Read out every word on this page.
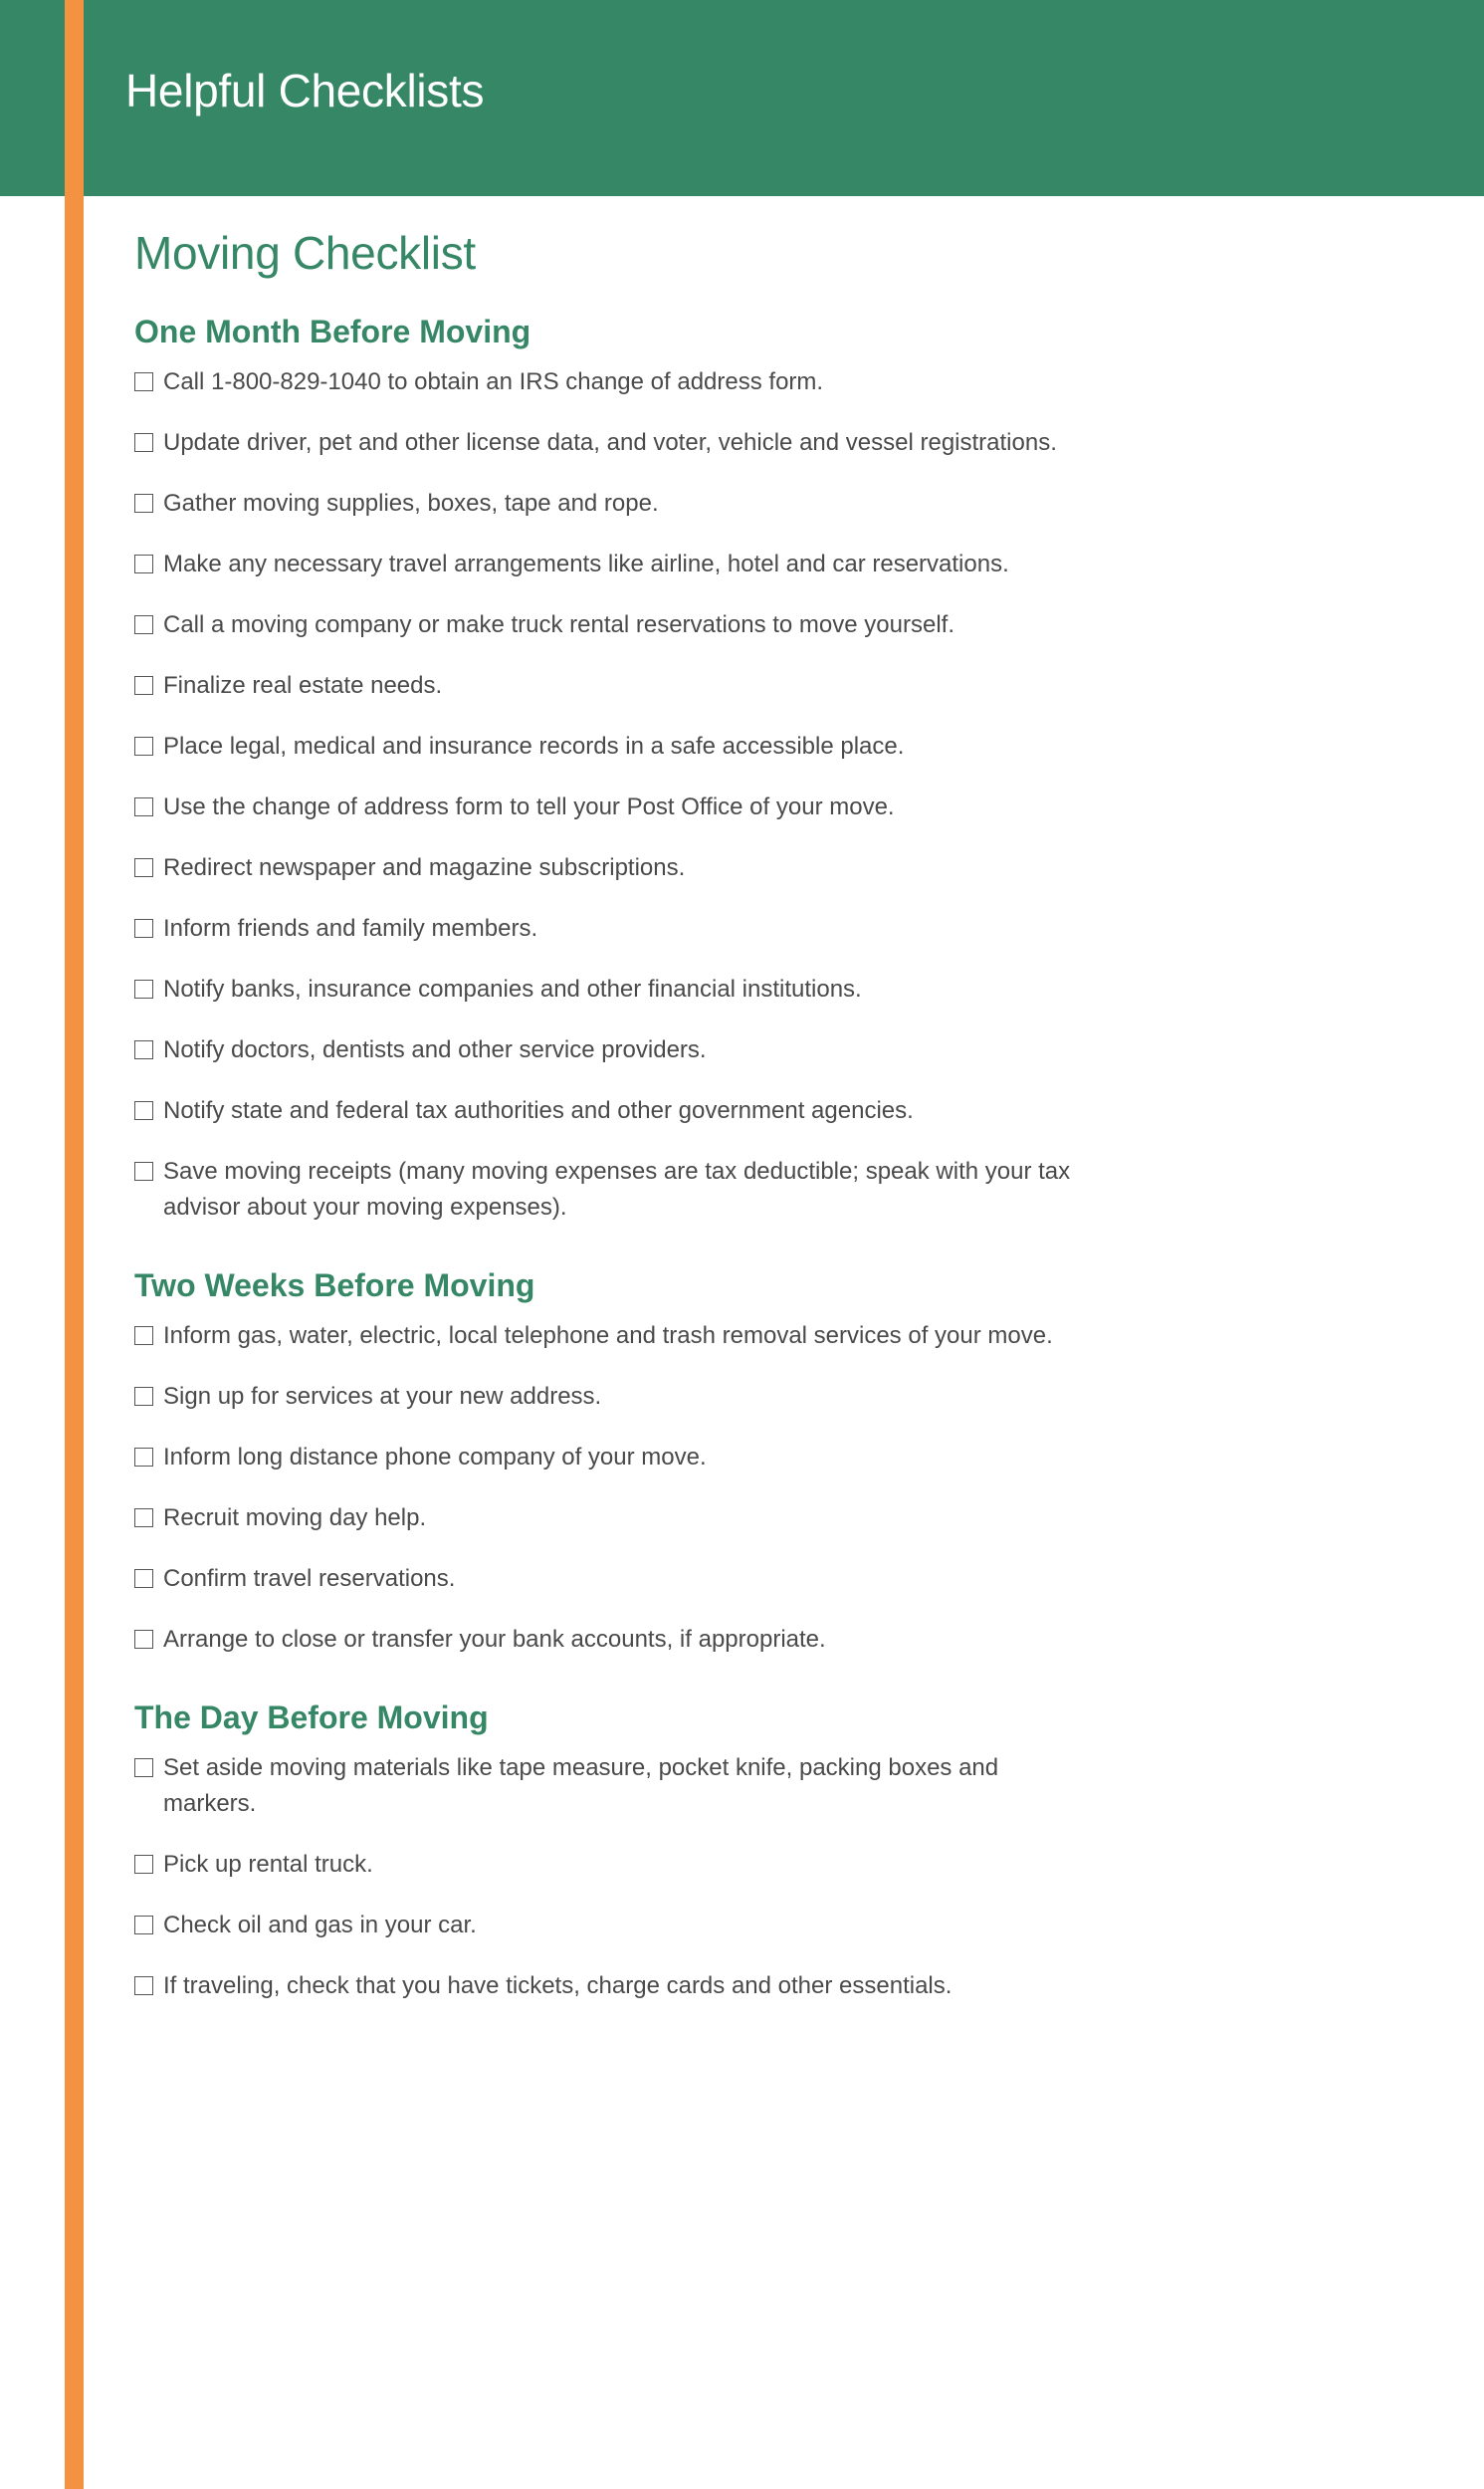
Helpful Checklists
Moving Checklist
One Month Before Moving
Call 1-800-829-1040 to obtain an IRS change of address form.
Update driver, pet and other license data, and voter, vehicle and vessel registrations.
Gather moving supplies, boxes, tape and rope.
Make any necessary travel arrangements like airline, hotel and car reservations.
Call a moving company or make truck rental reservations to move yourself.
Finalize real estate needs.
Place legal, medical and insurance records in a safe accessible place.
Use the change of address form to tell your Post Office of your move.
Redirect newspaper and magazine subscriptions.
Inform friends and family members.
Notify banks, insurance companies and other financial institutions.
Notify doctors, dentists and other service providers.
Notify state and federal tax authorities and other government agencies.
Save moving receipts (many moving expenses are tax deductible; speak with your tax advisor about your moving expenses).
Two Weeks Before Moving
Inform gas, water, electric, local telephone and trash removal services of your move.
Sign up for services at your new address.
Inform long distance phone company of your move.
Recruit moving day help.
Confirm travel reservations.
Arrange to close or transfer your bank accounts, if appropriate.
The Day Before Moving
Set aside moving materials like tape measure, pocket knife, packing boxes and markers.
Pick up rental truck.
Check oil and gas in your car.
If traveling, check that you have tickets, charge cards and other essentials.
